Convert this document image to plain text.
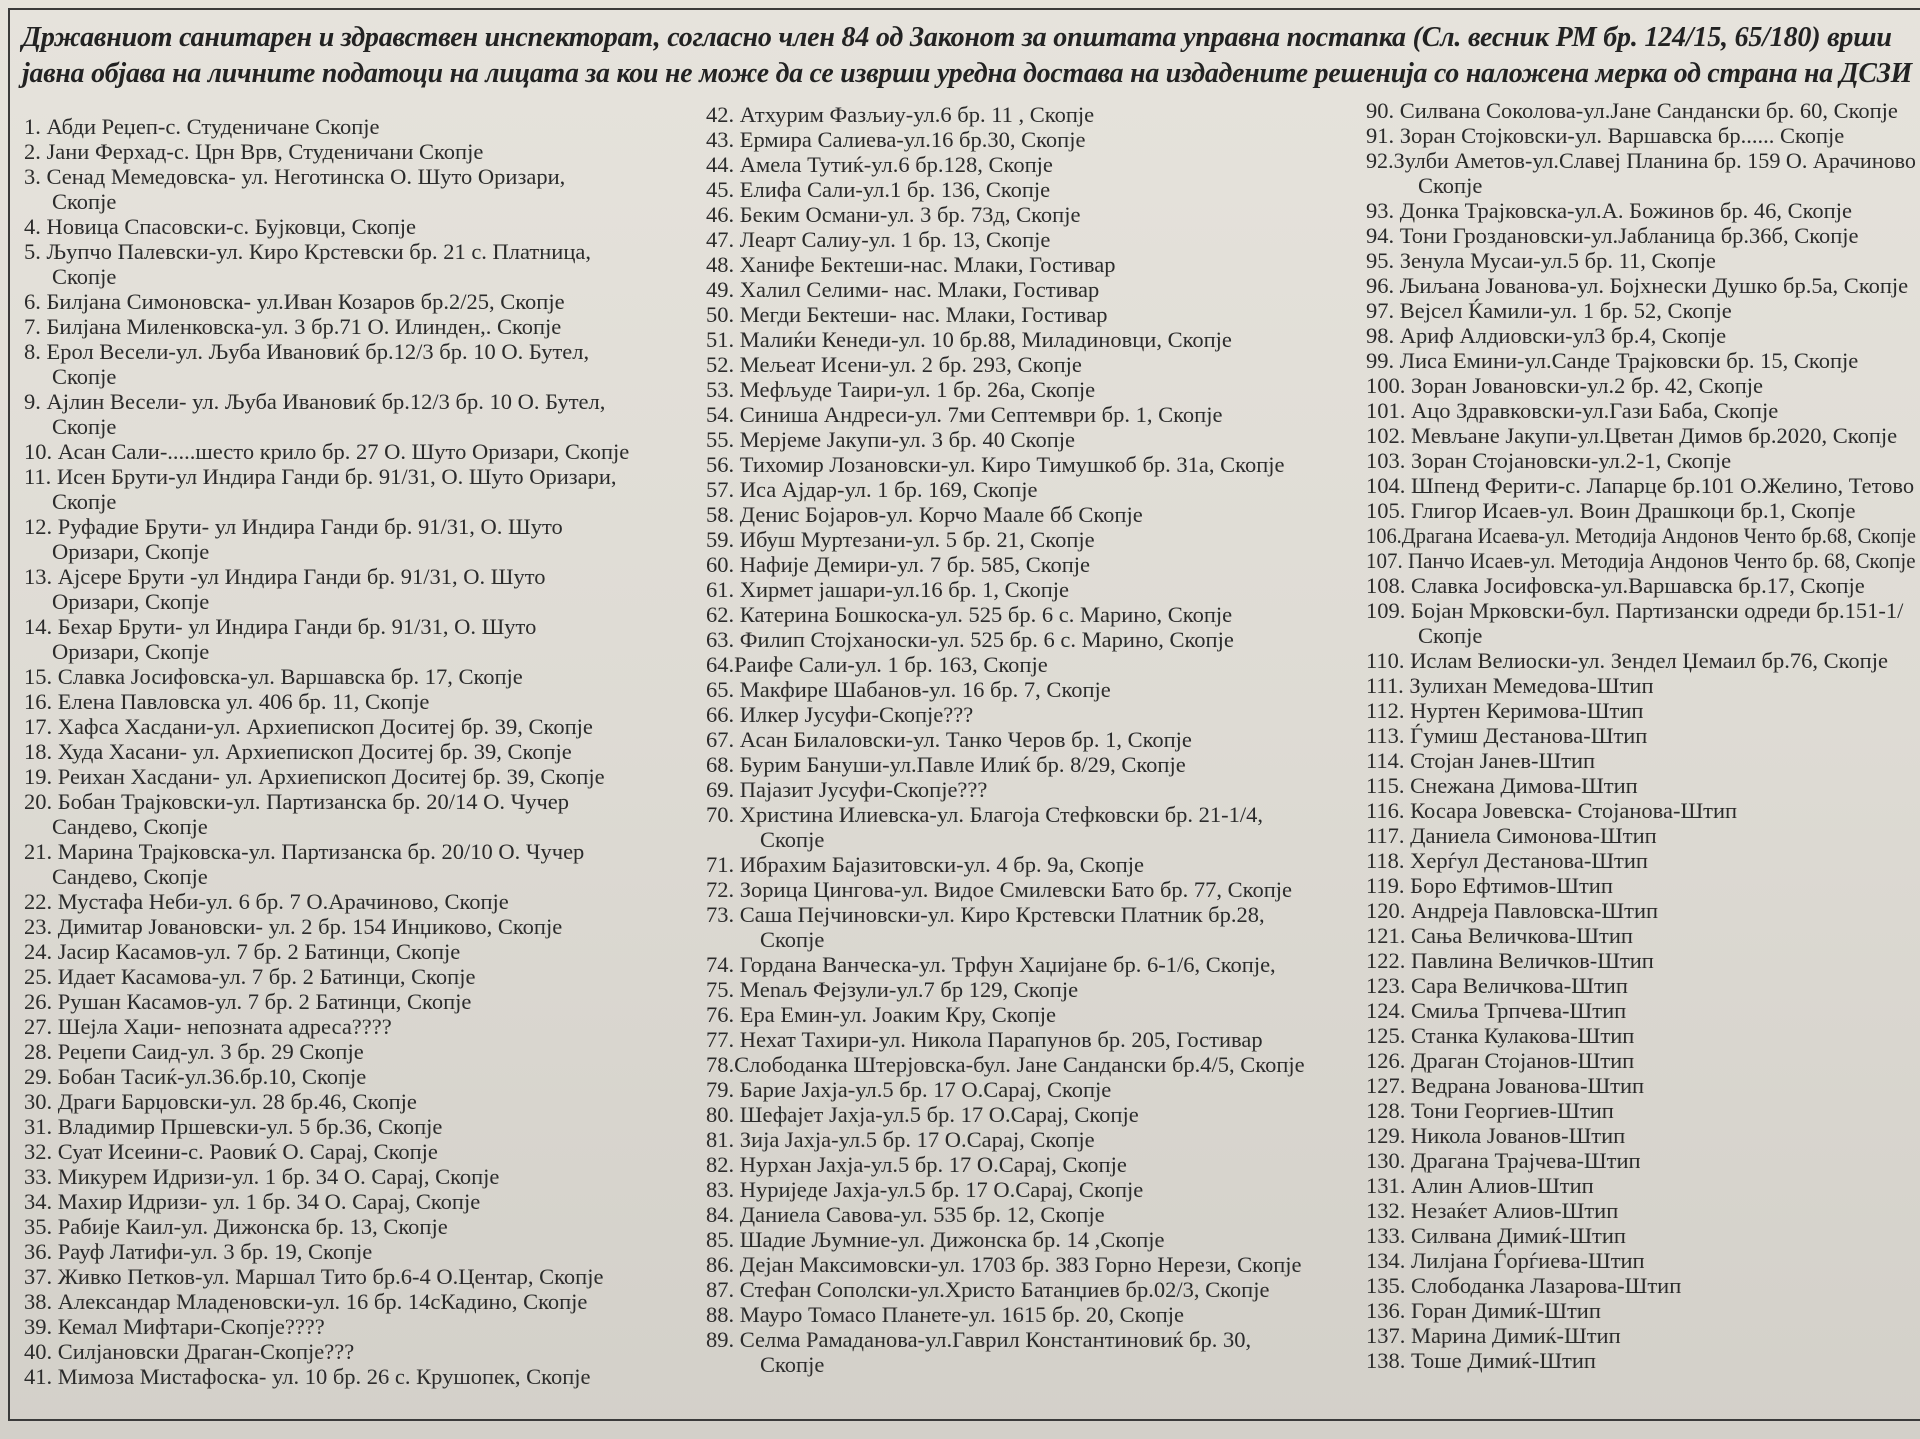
Државниот санитарен и здравствен инспекторат, согласно член 84 од Законот за општата управна постапка (Сл. весник РМ бр. 124/15, 65/180) врши
јавна објава на личните податоци на лицата за кои не може да се изврши уредна достава на издадените решенија со наложена мерка од страна на ДСЗИ
1. Абди Реџеп-с. Студеничане Скопје
2. Јани Ферхад-с. Црн Врв, Студеничани Скопје
3. Сенад Мемедовска- ул. Неготинска О. Шуто Оризари,
Скопје
4. Новица Спасовски-с. Бујковци, Скопје
5. Љупчо Палевски-ул. Киро Крстевски бр. 21 с. Платница,
Скопје
6. Билјана Симоновска- ул.Иван Козаров бр.2/25, Скопје
7. Билјана Миленковска-ул. 3 бр.71 О. Илинден,. Скопје
8. Ерол Весели-ул. Љуба Ивановиќ бр.12/3 бр. 10 О. Бутел,
Скопје
9. Ајлин Весели- ул. Љуба Ивановиќ бр.12/3 бр. 10 О. Бутел,
Скопје
10. Асан Сали-.....шесто крило бр. 27 О. Шуто Оризари, Скопје
11. Исен Брути-ул Индира Ганди бр. 91/31, О. Шуто Оризари,
Скопје
12. Руфадие Брути- ул Индира Ганди бр. 91/31, О. Шуто
Оризари, Скопје
13. Ајсере Брути -ул Индира Ганди бр. 91/31, О. Шуто
Оризари, Скопје
14. Бехар Брути- ул Индира Ганди бр. 91/31, О. Шуто
Оризари, Скопје
15. Славка Јосифовска-ул. Варшавска бр. 17, Скопје
16. Елена Павловска ул. 406 бр. 11, Скопје
17. Хафса Хасдани-ул. Архиепископ Доситеј бр. 39, Скопје
18. Худа Хасани- ул. Архиепископ Доситеј бр. 39, Скопје
19. Реихан Хасдани- ул. Архиепископ Доситеј бр. 39, Скопје
20. Бобан Трајковски-ул. Партизанска бр. 20/14 О. Чучер
Сандево, Скопје
21. Марина Трајковска-ул. Партизанска бр. 20/10 О. Чучер
Сандево, Скопје
22. Мустафа Неби-ул. 6 бр. 7 О.Арачиново, Скопје
23. Димитар Јовановски- ул. 2 бр. 154 Инџиково, Скопје
24. Јасир Касамов-ул. 7 бр. 2 Батинци, Скопје
25. Идает Касамова-ул. 7 бр. 2 Батинци, Скопје
26. Рушан Касамов-ул. 7 бр. 2 Батинци, Скопје
27. Шејла Хаџи- непозната адреса????
28. Реџепи Саид-ул. 3 бр. 29 Скопје
29. Бобан Тасиќ-ул.36.бр.10, Скопје
30. Драги Барџовски-ул. 28 бр.46, Скопје
31. Владимир Пршевски-ул. 5 бр.36, Скопје
32. Суат Исеини-с. Раовиќ О. Сарај, Скопје
33. Микурем Идризи-ул. 1 бр. 34 О. Сарај, Скопје
34. Махир Идризи- ул. 1 бр. 34 О. Сарај, Скопје
35. Рабије Каил-ул. Дижонска бр. 13, Скопје
36. Рауф Латифи-ул. 3 бр. 19, Скопје
37. Живко Петков-ул. Маршал Тито бр.6-4 О.Центар, Скопје
38. Александар Младеновски-ул. 16 бр. 14сКадино, Скопје
39. Кемал Мифтари-Скопје????
40. Силјановски Драган-Скопје???
41. Мимоза Мистафоска- ул. 10 бр. 26 с. Крушопек, Скопје
42. Атхурим Фазљиу-ул.6 бр. 11 , Скопје
43. Ермира Салиева-ул.16 бр.30, Скопје
44. Амела Тутиќ-ул.6 бр.128, Скопје
45. Елифа Сали-ул.1 бр. 136, Скопје
46. Беким Османи-ул. 3 бр. 73д, Скопје
47. Леарт Салиу-ул. 1 бр. 13, Скопје
48. Ханифе Бектеши-нас. Млаки, Гостивар
49. Халил Селими- нас. Млаки, Гостивар
50. Мегди Бектеши- нас. Млаки, Гостивар
51. Малиќи Кенеди-ул. 10 бр.88, Миладиновци, Скопје
52. Мељеат Исени-ул. 2 бр. 293, Скопје
53. Мефљуде Таири-ул. 1 бр. 26а, Скопје
54. Синиша Андреси-ул. 7ми Септември бр. 1, Скопје
55. Мерјеме Јакупи-ул. 3 бр. 40 Скопје
56. Тихомир Лозановски-ул. Киро Тимушкоб бр. 31а, Скопје
57. Иса Ајдар-ул. 1 бр. 169, Скопје
58. Денис Бојаров-ул. Корчо Маале бб Скопје
59. Ибуш Муртезани-ул. 5 бр. 21, Скопје
60. Нафије Демири-ул. 7 бр. 585, Скопје
61. Хирмет јашари-ул.16 бр. 1, Скопје
62. Катерина Бошкоска-ул. 525 бр. 6 с. Марино, Скопје
63. Филип Стојханоски-ул. 525 бр. 6 с. Марино, Скопје
64.Раифе Сали-ул. 1 бр. 163, Скопје
65. Макфире Шабанов-ул. 16 бр. 7, Скопје
66. Илкер Јусуфи-Скопје???
67. Асан Билаловски-ул. Танко Черов бр. 1, Скопје
68. Бурим Бануши-ул.Павле Илиќ бр. 8/29, Скопје
69. Пајазит Јусуфи-Скопје???
70. Христина Илиевска-ул. Благоја Стефковски бр. 21-1/4,
Скопје
71. Ибрахим Бајазитовски-ул. 4 бр. 9а, Скопје
72. Зорица Цингова-ул. Видое Смилевски Бато бр. 77, Скопје
73. Саша Пејчиновски-ул. Киро Крстевски Платник бр.28,
Скопје
74. Гордана Ванческа-ул. Трфун Хаџијане бр. 6-1/6, Скопје,
75. Мenaљ Фејзули-ул.7 бр 129, Скопје
76. Ера Емин-ул. Јоаким Кру, Скопје
77. Нехат Тахири-ул. Никола Парапунов бр. 205, Гостивар
78.Слободанка Штерјовска-бул. Јане Сандански бр.4/5, Скопје
79. Барие Јахја-ул.5 бр. 17 О.Сарај, Скопје
80. Шефајет Јахја-ул.5 бр. 17 О.Сарај, Скопје
81. Зија Јахја-ул.5 бр. 17 О.Сарај, Скопје
82. Нурхан Јахја-ул.5 бр. 17 О.Сарај, Скопје
83. Нуриједе Јахја-ул.5 бр. 17 О.Сарај, Скопје
84. Даниела Савова-ул. 535 бр. 12, Скопје
85. Шадие Љумние-ул. Дижонска бр. 14 ,Скопје
86. Дејан Максимовски-ул. 1703 бр. 383 Горно Нерези, Скопје
87. Стефан Сополски-ул.Христо Батанџиев бр.02/3, Скопје
88. Мауро Томасо Планете-ул. 1615 бр. 20, Скопје
89. Селма Рамаданова-ул.Гаврил Константиновиќ бр. 30,
Скопје
90. Силвана Соколова-ул.Јане Сандански бр. 60, Скопје
91. Зоран Стојковски-ул. Варшавска бр...... Скопје
92.Зулби Аметов-ул.Славеј Планина бр. 159 О. Арачиново
Скопје
93. Донка Трајковска-ул.А. Божинов бр. 46, Скопје
94. Тони Гроздановски-ул.Јабланица бр.36б, Скопје
95. Зенула Мусаи-ул.5 бр. 11, Скопје
96. Љиљана Јованова-ул. Бојхнески Душко бр.5а, Скопје
97. Вејсел Ќамили-ул. 1 бр. 52, Скопје
98. Ариф Алдиовски-ул3 бр.4, Скопје
99. Лиса Емини-ул.Санде Трајковски бр. 15, Скопје
100. Зоран Јовановски-ул.2 бр. 42, Скопје
101. Ацо Здравковски-ул.Гази Баба, Скопје
102. Мевљане Јакупи-ул.Цветан Димов бр.2020, Скопје
103. Зоран Стојановски-ул.2-1, Скопје
104. Шпенд Ферити-с. Лапарце бр.101 О.Желино, Тетово
105. Глигор Исаев-ул. Воин Драшкоци бр.1, Скопје
106.Драгана Исаева-ул. Методија Андонов Ченто бр.68, Скопје
107. Панчо Исаев-ул. Методија Андонов Ченто бр. 68, Скопје
108. Славка Јосифовска-ул.Варшавска бр.17, Скопје
109. Бојан Мрковски-бул. Партизански одреди бр.151-1/
Скопје
110. Ислам Велиоски-ул. Зендел Џемаил бр.76, Скопје
111. Зулихан Мемедова-Штип
112. Нуртен Керимова-Штип
113. Ѓумиш Дестанова-Штип
114. Стојан Јанев-Штип
115. Снежана Димова-Штип
116. Косара Јовевска- Стојанова-Штип
117. Даниела Симонова-Штип
118. Херѓул Дестанова-Штип
119. Боро Ефтимов-Штип
120. Андреја Павловска-Штип
121. Сања Величкова-Штип
122. Павлина Величков-Штип
123. Сара Величкова-Штип
124. Смиља Трпчева-Штип
125. Станка Кулакова-Штип
126. Драган Стојанов-Штип
127. Ведрана Јованова-Штип
128. Тони Георгиев-Штип
129. Никола Јованов-Штип
130. Драгана Трајчева-Штип
131. Алин Алиов-Штип
132. Незаќет Алиов-Штип
133. Силвана Димиќ-Штип
134. Лилјана Ѓорѓиева-Штип
135. Слободанка Лазарова-Штип
136. Горан Димиќ-Штип
137. Марина Димиќ-Штип
138. Тоше Димиќ-Штип
